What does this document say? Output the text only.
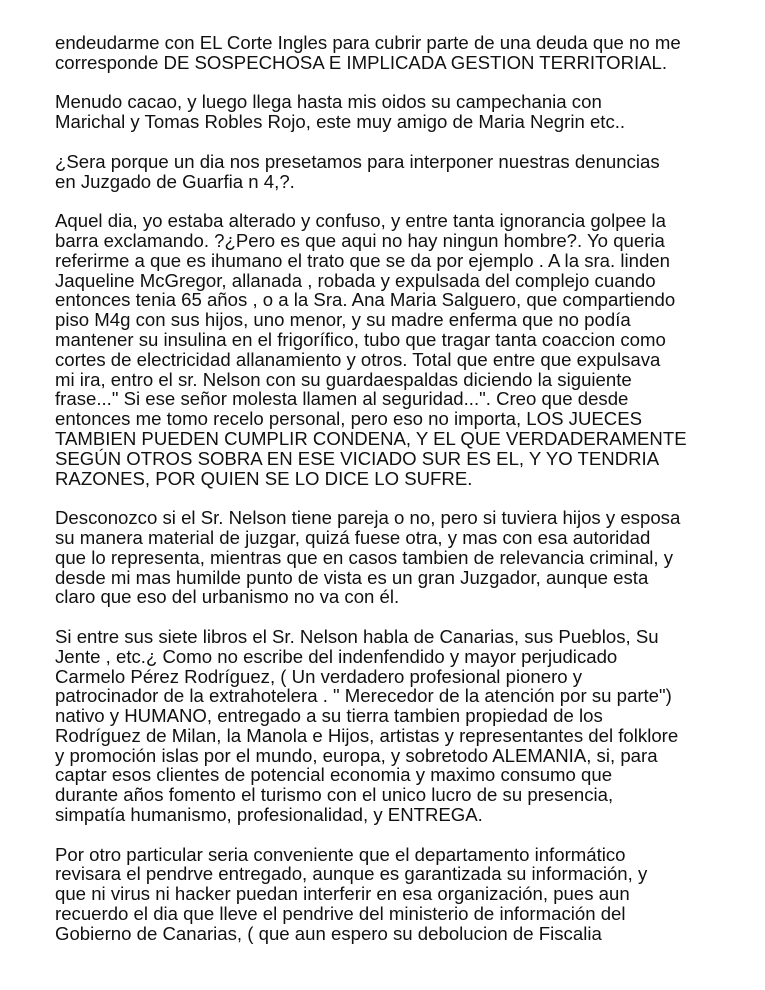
endeudarme con EL Corte Ingles para cubrir parte de una deuda que no me
corresponde DE SOSPECHOSA E IMPLICADA GESTION TERRITORIAL.
Menudo cacao, y luego llega hasta mis oidos su campechania con
Marichal y Tomas Robles Rojo, este muy amigo de Maria Negrin etc..
¿Sera porque un dia nos presetamos para interponer nuestras denuncias
en Juzgado de Guarfia n 4,?.
Aquel dia, yo estaba alterado y confuso, y entre tanta ignorancia golpee la
barra exclamando. ?¿Pero es que aqui no hay ningun hombre?. Yo queria
referirme a que es ihumano el trato que se da por ejemplo . A la sra. linden
Jaqueline McGregor, allanada , robada y expulsada del complejo cuando
entonces tenia 65 años , o a la Sra. Ana Maria Salguero, que compartiendo
piso M4g con sus hijos, uno menor, y su madre enferma que no podía
mantener su insulina en el frigorífico, tubo que tragar tanta coaccion como
cortes de electricidad allanamiento y otros. Total que entre que expulsava
mi ira, entro el sr. Nelson con su guardaespaldas diciendo la siguiente
frase..." Si ese señor molesta llamen al seguridad...". Creo que desde
entonces me tomo recelo personal, pero eso no importa, LOS JUECES
TAMBIEN PUEDEN CUMPLIR CONDENA, Y EL QUE VERDADERAMENTE
SEGÚN OTROS SOBRA EN ESE VICIADO SUR ES EL, Y YO TENDRIA
RAZONES, POR QUIEN SE LO DICE LO SUFRE.
Desconozco si el Sr. Nelson tiene pareja o no, pero si tuviera hijos y esposa
su manera material de juzgar, quizá fuese otra, y mas con esa autoridad
que lo representa, mientras que en casos tambien de relevancia criminal, y
desde mi mas humilde punto de vista es un gran Juzgador, aunque esta
claro que eso del urbanismo no va con él.
Si entre sus siete libros el Sr. Nelson habla de Canarias, sus Pueblos, Su
Jente , etc.¿ Como no escribe del indenfendido y mayor perjudicado
Carmelo Pérez Rodríguez, ( Un verdadero profesional pionero y
patrocinador de la extrahotelera . " Merecedor de la atención por su parte")
nativo y HUMANO, entregado a su tierra tambien propiedad de los
Rodríguez de Milan, la Manola e Hijos, artistas y representantes del folklore
y promoción islas por el mundo, europa, y sobretodo ALEMANIA, si, para
captar esos clientes de potencial economia y maximo consumo que
durante años fomento el turismo con el unico lucro de su presencia,
simpatía humanismo, profesionalidad, y ENTREGA.
Por otro particular seria conveniente que el departamento informático
revisara el pendrve entregado, aunque es garantizada su información, y
que ni virus ni hacker puedan interferir en esa organización, pues aun
recuerdo el dia que lleve el pendrive del ministerio de información del
Gobierno de Canarias, ( que aun espero su debolucion de Fiscalia
